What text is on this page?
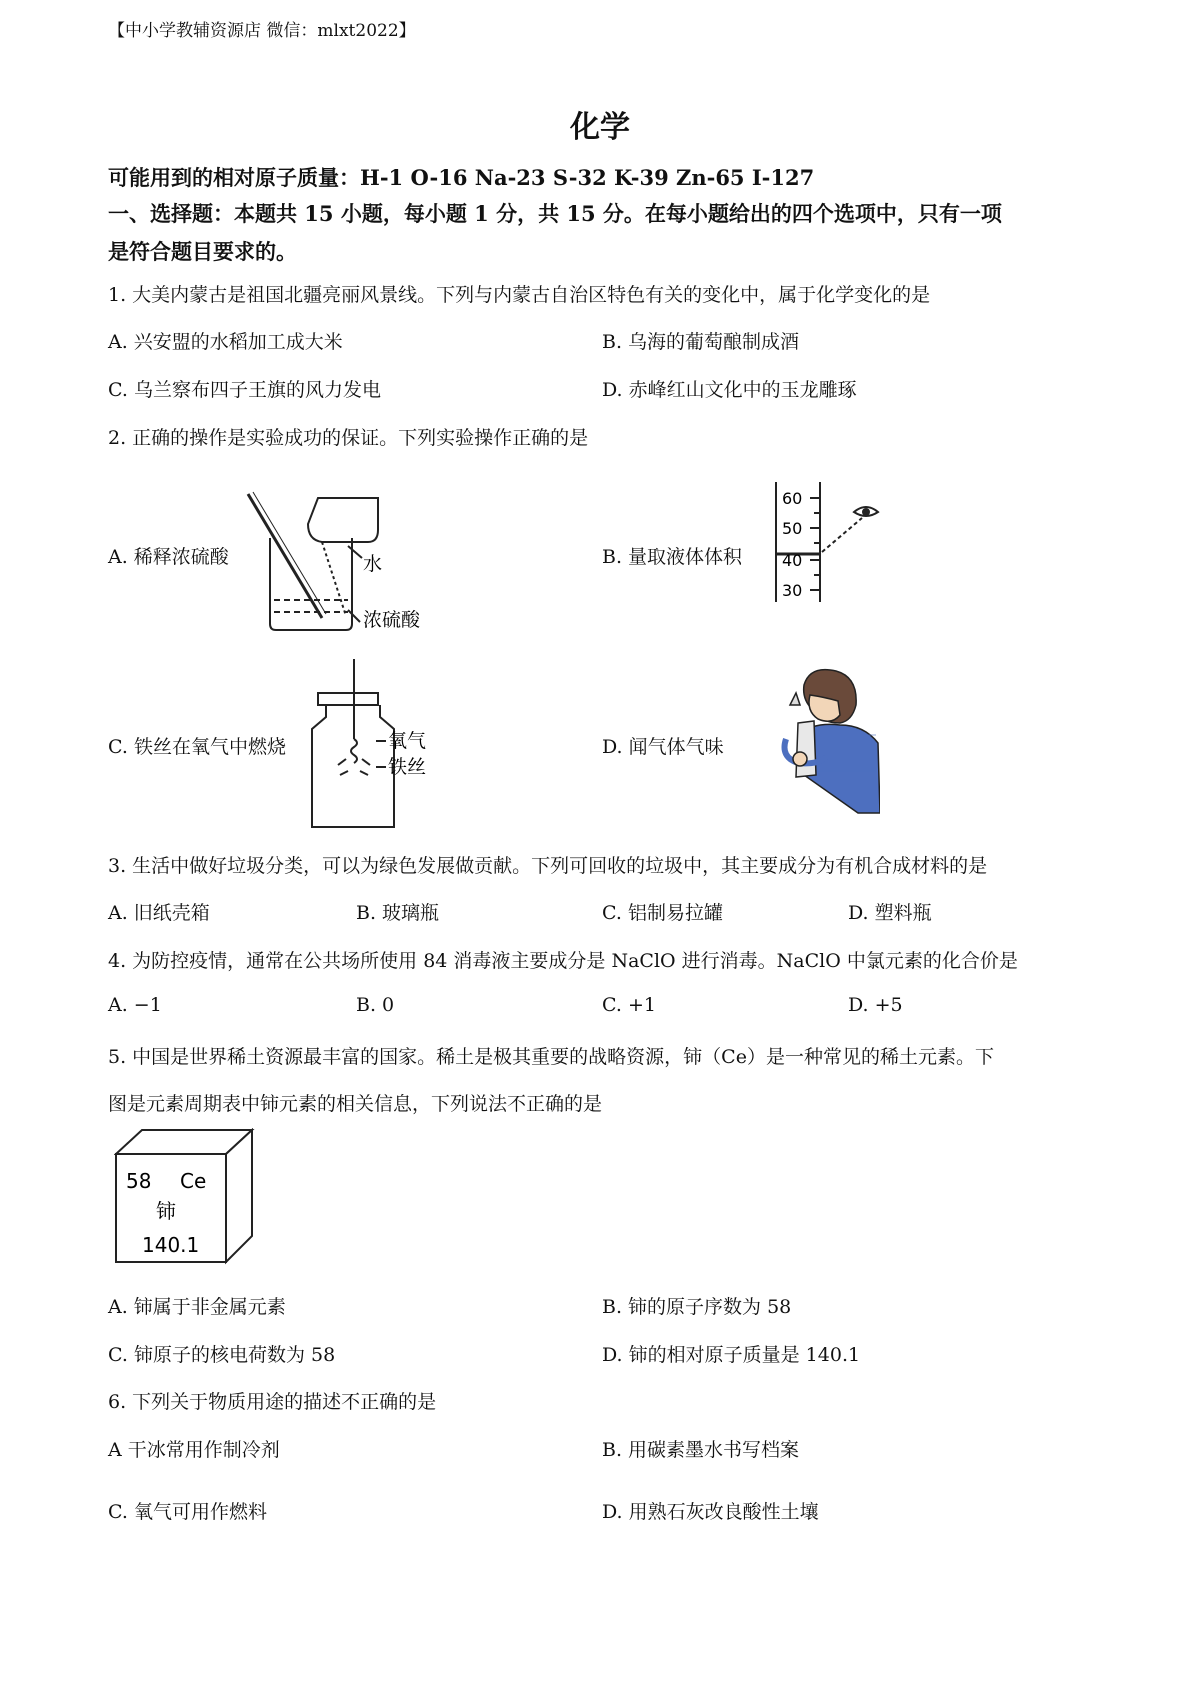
【中小学教辅资源店 微信：mlxt2022】
化学
可能用到的相对原子质量：H-1 O-16 Na-23 S-32 K-39 Zn-65 I-127
一、选择题：本题共 15 小题，每小题 1 分，共 15 分。在每小题给出的四个选项中，只有一项
是符合题目要求的。
1. 大美内蒙古是祖国北疆亮丽风景线。下列与内蒙古自治区特色有关的变化中，属于化学变化的是
A. 兴安盟的水稻加工成大米	B. 乌海的葡萄酿制成酒
C. 乌兰察布四子王旗的风力发电	D. 赤峰红山文化中的玉龙雕琢
2. 正确的操作是实验成功的保证。下列实验操作正确的是
A. 稀释浓硫酸	B. 量取液体体积
C. 铁丝在氧气中燃烧	D. 闻气体气味
水
浓硫酸
60
50
40
30
氧气
铁丝
3. 生活中做好垃圾分类，可以为绿色发展做贡献。下列可回收的垃圾中，其主要成分为有机合成材料的是
A. 旧纸壳箱	B. 玻璃瓶	C. 铝制易拉罐	D. 塑料瓶
4. 为防控疫情，通常在公共场所使用 84 消毒液主要成分是 NaClO 进行消毒。NaClO 中氯元素的化合价是
A. −1	B. 0	C. +1	D. +5
5. 中国是世界稀土资源最丰富的国家。稀土是极其重要的战略资源，铈（Ce）是一种常见的稀土元素。下
图是元素周期表中铈元素的相关信息，下列说法不正确的是
58 Ce
铈
140.1
A. 铈属于非金属元素	B. 铈的原子序数为 58
C. 铈原子的核电荷数为 58	D. 铈的相对原子质量是 140.1
6. 下列关于物质用途的描述不正确的是
A 干冰常用作制冷剂	B. 用碳素墨水书写档案
C. 氧气可用作燃料	D. 用熟石灰改良酸性土壤
